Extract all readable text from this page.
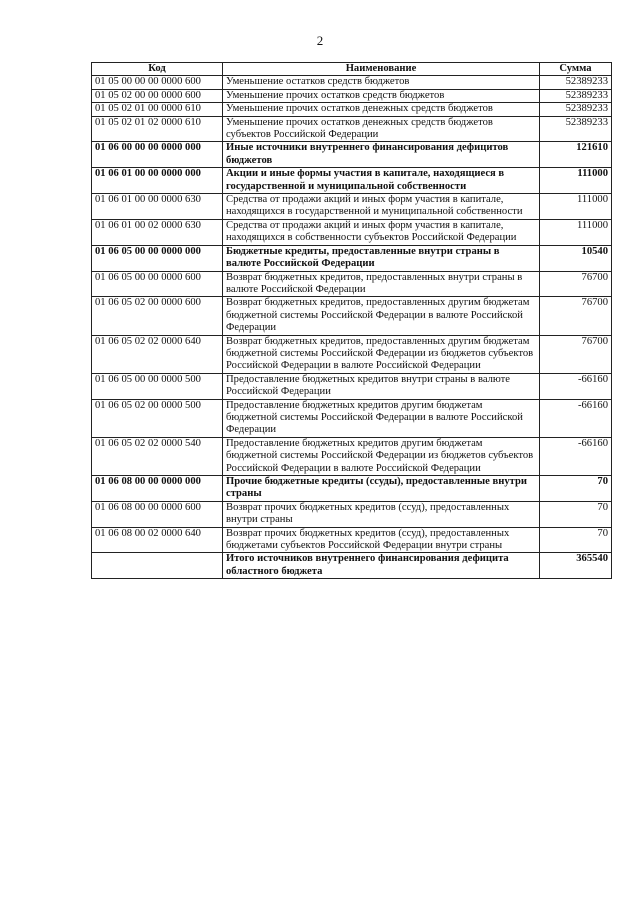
2
Код	Наименование	Сумма
01 05 00 00 00 0000 600	Уменьшение остатков средств бюджетов	52389233
01 05 02 00 00 0000 600	Уменьшение прочих остатков средств бюджетов	52389233
01 05 02 01 00 0000 610	Уменьшение прочих остатков денежных средств бюджетов	52389233
01 05 02 01 02 0000 610	Уменьшение прочих остатков денежных средств бюджетов субъектов Российской Федерации	52389233
01 06 00 00 00 0000 000	Иные источники внутреннего финансирования дефицитов бюджетов	121610
01 06 01 00 00 0000 000	Акции и иные формы участия в капитале, находящиеся в государственной и муниципальной собственности	111000
01 06 01 00 00 0000 630	Средства от продажи акций и иных форм участия в капитале, находящихся в государственной и муниципальной собственности	111000
01 06 01 00 02 0000 630	Средства от продажи акций и иных форм участия в капитале, находящихся в собственности субъектов Российской Федерации	111000
01 06 05 00 00 0000 000	Бюджетные кредиты, предоставленные внутри страны в валюте Российской Федерации	10540
01 06 05 00 00 0000 600	Возврат бюджетных кредитов, предоставленных внутри страны в валюте Российской Федерации	76700
01 06 05 02 00 0000 600	Возврат бюджетных кредитов, предоставленных другим бюджетам бюджетной системы Российской Федерации в валюте Российской Федерации	76700
01 06 05 02 02 0000 640	Возврат бюджетных кредитов, предоставленных другим бюджетам бюджетной системы Российской Федерации из бюджетов субъектов Российской Федерации в валюте Российской Федерации	76700
01 06 05 00 00 0000 500	Предоставление бюджетных кредитов внутри страны в валюте Российской Федерации	-66160
01 06 05 02 00 0000 500	Предоставление бюджетных кредитов другим бюджетам бюджетной системы Российской Федерации в валюте Российской Федерации	-66160
01 06 05 02 02 0000 540	Предоставление бюджетных кредитов другим бюджетам бюджетной системы Российской Федерации из бюджетов субъектов Российской Федерации в валюте Российской Федерации	-66160
01 06 08 00 00 0000 000	Прочие бюджетные кредиты (ссуды), предоставленные внутри страны	70
01 06 08 00 00 0000 600	Возврат прочих бюджетных кредитов (ссуд), предоставленных внутри страны	70
01 06 08 00 02 0000 640	Возврат прочих бюджетных кредитов (ссуд), предоставленных бюджетами субъектов Российской Федерации внутри страны	70
	Итого источников внутреннего финансирования дефицита областного бюджета	365540
